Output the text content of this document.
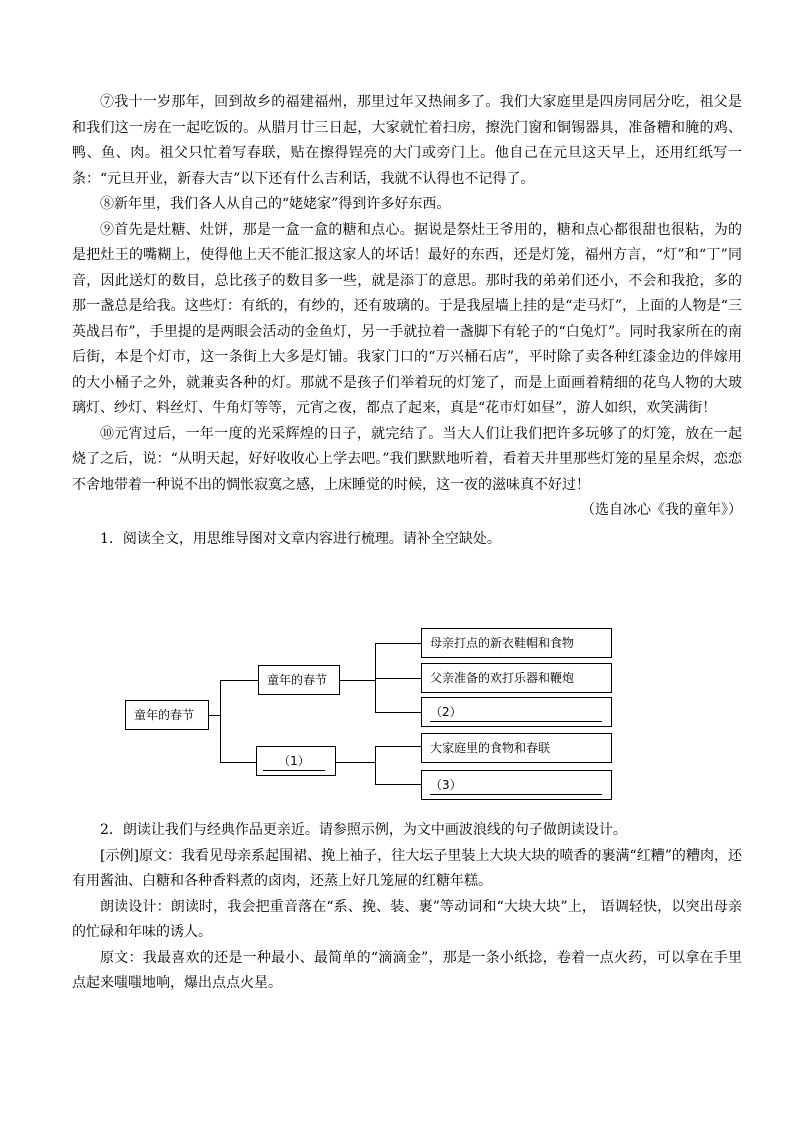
⑦我十一岁那年，回到故乡的福建福州，那里过年又热闹多了。我们大家庭里是四房同居分吃，祖父是和我们这一房在一起吃饭的。从腊月廿三日起，大家就忙着扫房，擦洗门窗和铜锡器具，准备糟和腌的鸡、鸭、鱼、肉。祖父只忙着写春联，贴在擦得锃亮的大门或旁门上。他自己在元旦这天早上，还用红纸写一条：“元旦开业，新春大吉”以下还有什么吉利话，我就不认得也不记得了。

⑧新年里，我们各人从自己的“姥姥家”得到许多好东西。

⑨首先是灶糖、灶饼，那是一盒一盒的糖和点心。据说是祭灶王爷用的，糖和点心都很甜也很粘，为的是把灶王的嘴糊上，使得他上天不能汇报这家人的坏话！最好的东西，还是灯笼，福州方言，“灯”和“丁”同音，因此送灯的数目，总比孩子的数目多一些，就是添丁的意思。那时我的弟弟们还小，不会和我抢，多的那一盏总是给我。这些灯：有纸的，有纱的，还有玻璃的。于是我屋墙上挂的是“走马灯”，上面的人物是“三英战吕布”，手里提的是两眼会活动的金鱼灯，另一手就拉着一盏脚下有轮子的“白兔灯”。同时我家所在的南后街，本是个灯市，这一条街上大多是灯铺。我家门口的“万兴桶石店”，平时除了卖各种红漆金边的伴嫁用的大小桶子之外，就兼卖各种的灯。那就不是孩子们举着玩的灯笼了，而是上面画着精细的花鸟人物的大玻璃灯、纱灯、料丝灯、牛角灯等等，元宵之夜，都点了起来，真是“花市灯如昼”，游人如织，欢笑满街！

⑩元宵过后，一年一度的光采辉煌的日子，就完结了。当大人们让我们把许多玩够了的灯笼，放在一起烧了之后，说：“从明天起，好好收收心上学去吧。”我们默默地听着，看着天井里那些灯笼的星星余烬，恋恋不舍地带着一种说不出的惆怅寂寞之感，上床睡觉的时候，这一夜的滋味真不好过！

（选自冰心《我的童年》）

1．阅读全文，用思维导图对文章内容进行梳理。请补全空缺处。

童年的春节
童年的春节
（1）
母亲打点的新衣鞋帽和食物
父亲准备的欢打乐器和鞭炮
（2）
大家庭里的食物和春联
（3）

2．朗读让我们与经典作品更亲近。请参照示例，为文中画波浪线的句子做朗读设计。

[示例]原文：我看见母亲系起围裙、挽上袖子，往大坛子里装上大块大块的喷香的裹满“红糟”的糟肉，还有用酱油、白糖和各种香料煮的卤肉，还蒸上好几笼屉的红糖年糕。

朗读设计：朗读时，我会把重音落在“系、挽、装、裹”等动词和“大块大块”上， 语调轻快，以突出母亲的忙碌和年味的诱人。

原文：我最喜欢的还是一种最小、最简单的“滴滴金”，那是一条小纸捻，卷着一点火药，可以拿在手里点起来嗤嗤地响，爆出点点火星。
